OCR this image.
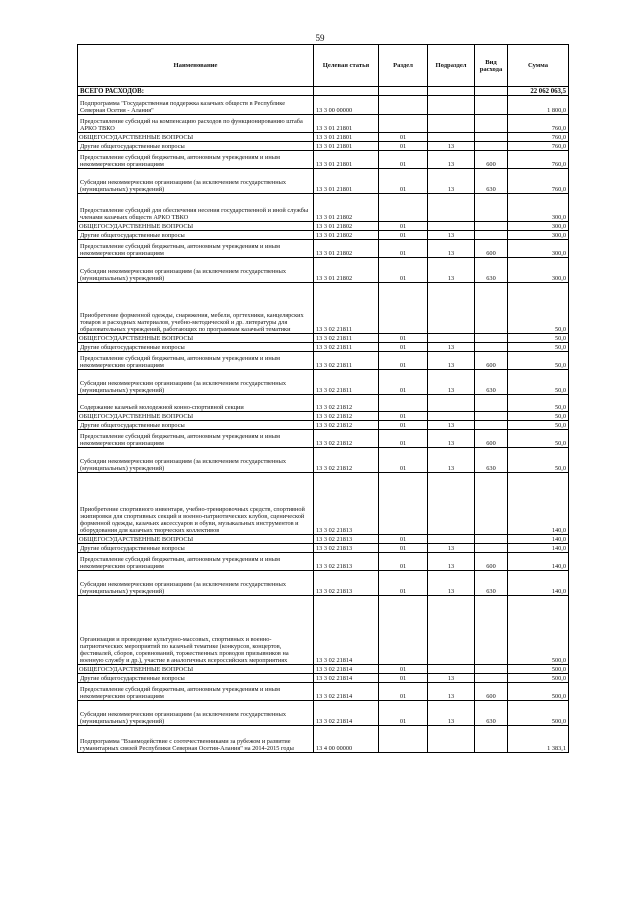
59
Наименование	Целевая статья	Раздел	Подраздел	Вид расхода	Сумма
ВСЕГО РАСХОДОВ:					22 062 063,5
Подпрограмма "Государственная поддержка казачьих обществ в Республике Северная Осетия - Алания"	13 3 00 00000				1 800,0
Предоставление субсидий на компенсацию расходов по функционированию штаба АРКО ТВКО	13 3 01 21801				760,0
ОБЩЕГОСУДАРСТВЕННЫЕ ВОПРОСЫ	13 3 01 21801	01			760,0
Другие общегосударственные вопросы	13 3 01 21801	01	13		760,0
Предоставление субсидий бюджетным, автономным учреждениям и иным некоммерческим организациям	13 3 01 21801	01	13	600	760,0
Субсидии некоммерческим организациям (за исключением государственных (муниципальных) учреждений)	13 3 01 21801	01	13	630	760,0
Предоставление субсидий для обеспечения несения государственной и иной службы членами казачьих обществ АРКО ТВКО	13 3 01 21802				300,0
ОБЩЕГОСУДАРСТВЕННЫЕ ВОПРОСЫ	13 3 01 21802	01			300,0
Другие общегосударственные вопросы	13 3 01 21802	01	13		300,0
Предоставление субсидий бюджетным, автономным учреждениям и иным некоммерческим организациям	13 3 01 21802	01	13	600	300,0
Субсидии некоммерческим организациям (за исключением государственных (муниципальных) учреждений)	13 3 01 21802	01	13	630	300,0
Приобретение форменной одежды, снаряжения, мебели, оргтехники, канцелярских товаров и расходных материалов, учебно-методической и др. литературы для образовательных учреждений, работающих по программам казачьей тематики	13 3 02 21811				50,0
ОБЩЕГОСУДАРСТВЕННЫЕ ВОПРОСЫ	13 3 02 21811	01			50,0
Другие общегосударственные вопросы	13 3 02 21811	01	13		50,0
Предоставление субсидий бюджетным, автономным учреждениям и иным некоммерческим организациям	13 3 02 21811	01	13	600	50,0
Субсидии некоммерческим организациям (за исключением государственных (муниципальных) учреждений)	13 3 02 21811	01	13	630	50,0
Содержание казачьей молодежной конно-спортивной секции	13 3 02 21812				50,0
ОБЩЕГОСУДАРСТВЕННЫЕ ВОПРОСЫ	13 3 02 21812	01			50,0
Другие общегосударственные вопросы	13 3 02 21812	01	13		50,0
Предоставление субсидий бюджетным, автономным учреждениям и иным некоммерческим организациям	13 3 02 21812	01	13	600	50,0
Субсидии некоммерческим организациям (за исключением государственных (муниципальных) учреждений)	13 3 02 21812	01	13	630	50,0
Приобретение спортивного инвентаря, учебно-тренировочных средств, спортивной экипировки для спортивных секций и военно-патриотических клубов, сценической форменной одежды, казачьих аксессуаров и обуви, музыкальных инструментов и оборудования для казачьих творческих коллективов	13 3 02 21813				140,0
ОБЩЕГОСУДАРСТВЕННЫЕ ВОПРОСЫ	13 3 02 21813	01			140,0
Другие общегосударственные вопросы	13 3 02 21813	01	13		140,0
Предоставление субсидий бюджетным, автономным учреждениям и иным некоммерческим организациям	13 3 02 21813	01	13	600	140,0
Субсидии некоммерческим организациям (за исключением государственных (муниципальных) учреждений)	13 3 02 21813	01	13	630	140,0
Организация и проведение культурно-массовых, спортивных и военно-патриотических мероприятий по казачьей тематике (конкурсов, концертов, фестивалей, сборов, соревнований, торжественных проводов призывников на военную службу и др.), участие в аналогичных всероссийских мероприятиях	13 3 02 21814				500,0
ОБЩЕГОСУДАРСТВЕННЫЕ ВОПРОСЫ	13 3 02 21814	01			500,0
Другие общегосударственные вопросы	13 3 02 21814	01	13		500,0
Предоставление субсидий бюджетным, автономным учреждениям и иным некоммерческим организациям	13 3 02 21814	01	13	600	500,0
Субсидии некоммерческим организациям (за исключением государственных (муниципальных) учреждений)	13 3 02 21814	01	13	630	500,0
Подпрограмма "Взаимодействие с соотечественниками за рубежом и развитие гуманитарных связей Республики Северная Осетия-Алания" на 2014-2015 годы	13 4 00 00000				1 383,1
